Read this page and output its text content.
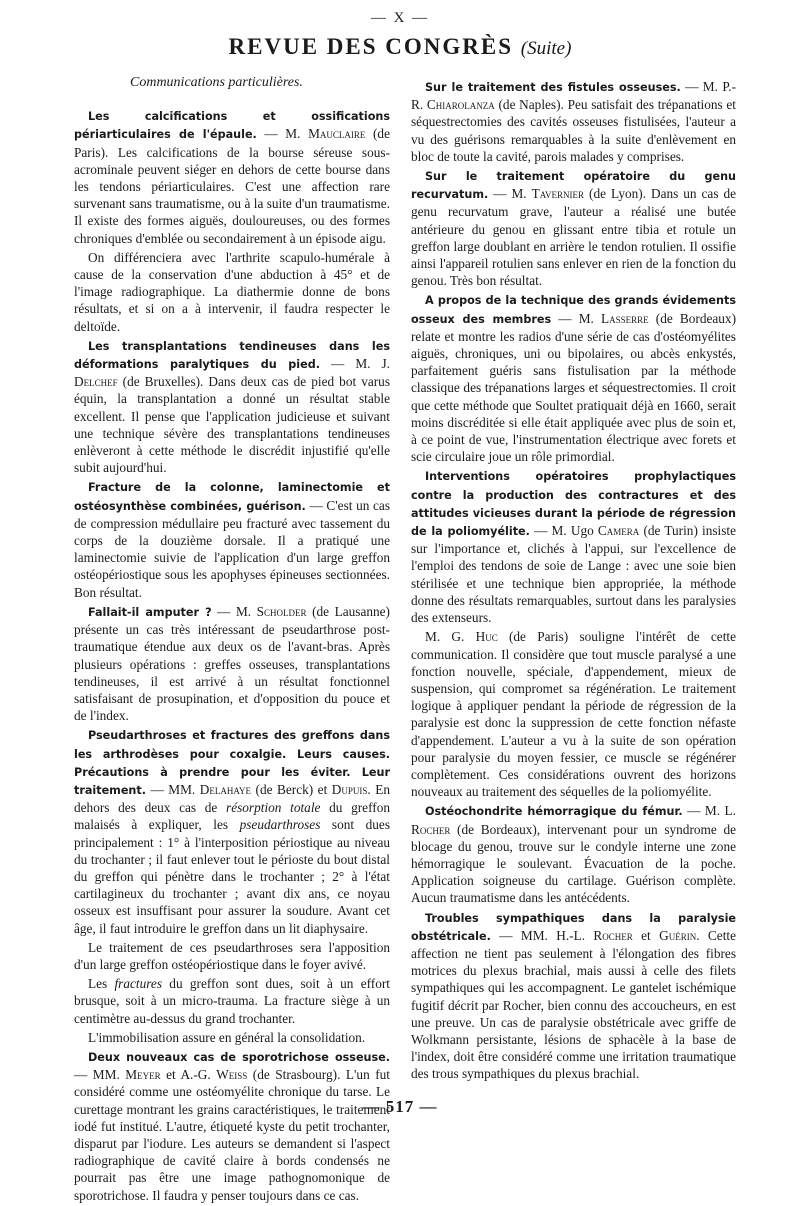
— X —
REVUE DES CONGRÈS (Suite)
Communications particulières.

Les calcifications et ossifications périarticulaires de l'épaule. — M. Mauclaire (de Paris). Les calcifications de la bourse séreuse sous-acrominale peuvent siéger en dehors de cette bourse dans les tendons périarticulaires. C'est une affection rare survenant sans traumatisme, ou à la suite d'un traumatisme. Il existe des formes aiguës, douloureuses, ou des formes chroniques d'emblée ou secondairement à un épisode aigu.

On différenciera avec l'arthrite scapulo-humérale à cause de la conservation d'une abduction à 45° et de l'image radiographique. La diathermie donne de bons résultats, et si on a à intervenir, il faudra respecter le deltoïde.

Les transplantations tendineuses dans les déformations paralytiques du pied. — M. J. Delchef (de Bruxelles). Dans deux cas de pied bot varus équin, la transplantation a donné un résultat stable excellent. Il pense que l'application judicieuse et suivant une technique sévère des transplantations tendineuses enlèveront à cette méthode le discrédit injustifié qu'elle subit aujourd'hui.

Fracture de la colonne, laminectomie et ostéosynthèse combinées, guérison. — C'est un cas de compression médullaire peu fracturé avec tassement du corps de la douzième dorsale. Il a pratiqué une laminectomie suivie de l'application d'un large greffon ostéopériostique sous les apophyses épineuses sectionnées. Bon résultat.

Fallait-il amputer ? — M. Scholder (de Lausanne) présente un cas très intéressant de pseudarthrose post-traumatique étendue aux deux os de l'avant-bras. Après plusieurs opérations : greffes osseuses, transplantations tendineuses, il est arrivé à un résultat fonctionnel satisfaisant de prosupination, et d'opposition du pouce et de l'index.

Pseudarthroses et fractures des greffons dans les arthrodèses pour coxalgie. Leurs causes. Précautions à prendre pour les éviter. Leur traitement. — MM. Delahaye (de Berck) et Dupuis. En dehors des deux cas de résorption totale du greffon malaisés à expliquer, les pseudarthroses sont dues principalement : 1° à l'interposition périostique au niveau du trochanter ; il faut enlever tout le périoste du bout distal du greffon qui pénètre dans le trochanter ; 2° à l'état cartilagineux du trochanter ; avant dix ans, ce noyau osseux est insuffisant pour assurer la soudure. Avant cet âge, il faut introduire le greffon dans un lit diaphysaire.

Le traitement de ces pseudarthroses sera l'apposition d'un large greffon ostéopériostique dans le foyer avivé.

Les fractures du greffon sont dues, soit à un effort brusque, soit à un micro-trauma. La fracture siège à un centimètre au-dessus du grand trochanter.

L'immobilisation assure en général la consolidation.

Deux nouveaux cas de sporotrichose osseuse. — MM. Meyer et A.-G. Weiss (de Strasbourg). L'un fut considéré comme une ostéomyélite chronique du tarse. Le curettage montrant les grains caractéristiques, le traitement iodé fut institué. L'autre, étiqueté kyste du petit trochanter, disparut par l'iodure. Les auteurs se demandent si l'aspect radiographique de cavité claire à bords condensés ne pourrait pas être une image pathognomonique de sporotrichose. Il faudra y penser toujours dans ce cas.

Sur le traitement des fistules osseuses. — M. P.-R. Chiarolanza (de Naples). Peu satisfait des trépanations et séquestrectomies des cavités osseuses fistulisées, l'auteur a vu des guérisons remarquables à la suite d'enlèvement en bloc de toute la cavité, parois malades y comprises.

Sur le traitement opératoire du genu recurvatum. — M. Tavernier (de Lyon). Dans un cas de genu recurvatum grave, l'auteur a réalisé une butée antérieure du genou en glissant entre tibia et rotule un greffon large doublant en arrière le tendon rotulien. Il ossifie ainsi l'appareil rotulien sans enlever en rien de la fonction du genou. Très bon résultat.

A propos de la technique des grands évidements osseux des membres — M. Lasserre (de Bordeaux) relate et montre les radios d'une série de cas d'ostéomyélites aiguës, chroniques, uni ou bipolaires, ou abcès enkystés, parfaitement guéris sans fistulisation par la méthode classique des trépanations larges et séquestrectomies. Il croit que cette méthode que Soultet pratiquait déjà en 1660, serait moins discréditée si elle était appliquée avec plus de soin et, à ce point de vue, l'instrumentation électrique avec forets et scie circulaire joue un rôle primordial.

Interventions opératoires prophylactiques contre la production des contractures et des attitudes vicieuses durant la période de régression de la poliomyélite. — M. Ugo Camera (de Turin) insiste sur l'importance et, clichés à l'appui, sur l'excellence de l'emploi des tendons de soie de Lange : avec une soie bien stérilisée et une technique bien appropriée, la méthode donne des résultats remarquables, surtout dans les paralysies des extenseurs.

M. G. Huc (de Paris) souligne l'intérêt de cette communication. Il considère que tout muscle paralysé a une fonction nouvelle, spéciale, d'appendement, mieux de suspension, qui compromet sa régénération. Le traitement logique à appliquer pendant la période de régression de la paralysie est donc la suppression de cette fonction néfaste d'appendement. L'auteur a vu à la suite de son opération pour paralysie du moyen fessier, ce muscle se régénérer complètement. Ces considérations ouvrent des horizons nouveaux au traitement des séquelles de la poliomyélite.

Ostéochondrite hémorragique du fémur. — M. L. Rocher (de Bordeaux), intervenant pour un syndrome de blocage du genou, trouve sur le condyle interne une zone hémorragique le soulevant. Évacuation de la poche. Application soigneuse du cartilage. Guérison complète. Aucun traumatisme dans les antécédents.

Troubles sympathiques dans la paralysie obstétricale. — MM. H.-L. Rocher et Guérin. Cette affection ne tient pas seulement à l'élongation des fibres motrices du plexus brachial, mais aussi à celle des filets sympathiques qui les accompagnent. Le gantelet ischémique fugitif décrit par Rocher, bien connu des accoucheurs, en est une preuve. Un cas de paralysie obstétricale avec griffe de Wolkmann persistante, lésions de sphacèle à la base de l'index, doit être considéré comme une irritation traumatique des trous sympathiques du plexus brachial.

— 517 —
